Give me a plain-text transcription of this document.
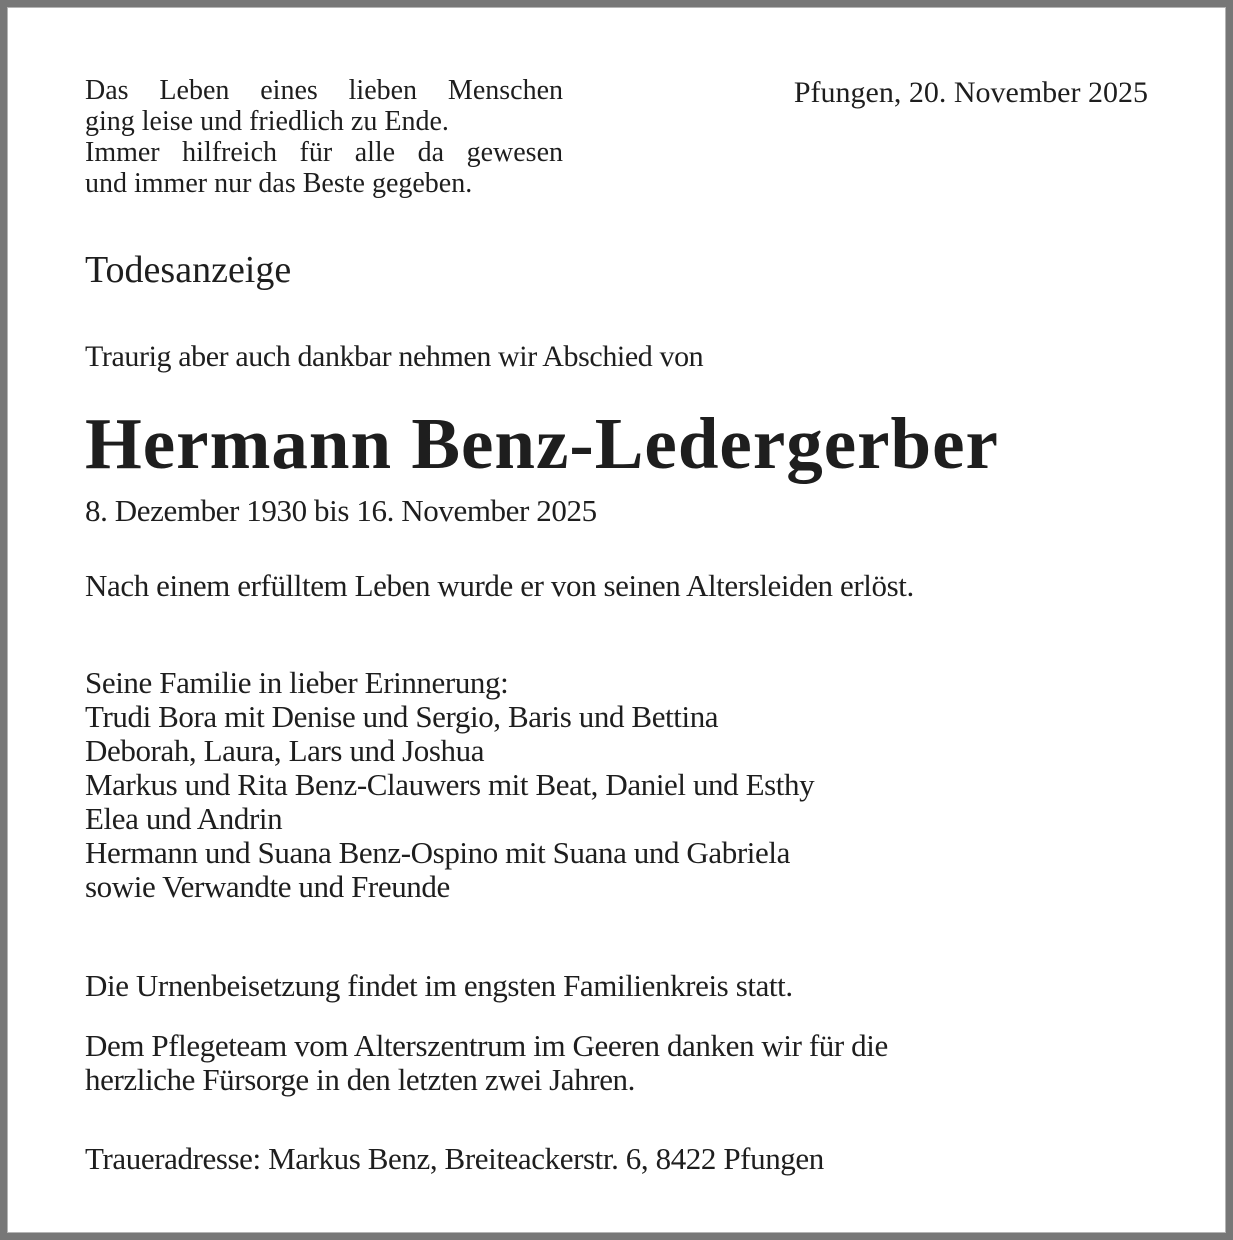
Das Leben eines lieben Menschen
ging leise und friedlich zu Ende.
Immer hilfreich für alle da gewesen
und immer nur das Beste gegeben.
Pfungen, 20. November 2025
Todesanzeige
Traurig aber auch dankbar nehmen wir Abschied von
Hermann Benz-Ledergerber
8. Dezember 1930 bis 16. November 2025
Nach einem erfülltem Leben wurde er von seinen Altersleiden erlöst.
Seine Familie in lieber Erinnerung:
Trudi Bora mit Denise und Sergio, Baris und Bettina
Deborah, Laura, Lars und Joshua
Markus und Rita Benz-Clauwers mit Beat, Daniel und Esthy
Elea und Andrin
Hermann und Suana Benz-Ospino mit Suana und Gabriela
sowie Verwandte und Freunde
Die Urnenbeisetzung findet im engsten Familienkreis statt.
Dem Pflegeteam vom Alterszentrum im Geeren danken wir für die
herzliche Fürsorge in den letzten zwei Jahren.
Traueradresse: Markus Benz, Breiteackerstr. 6, 8422 Pfungen
